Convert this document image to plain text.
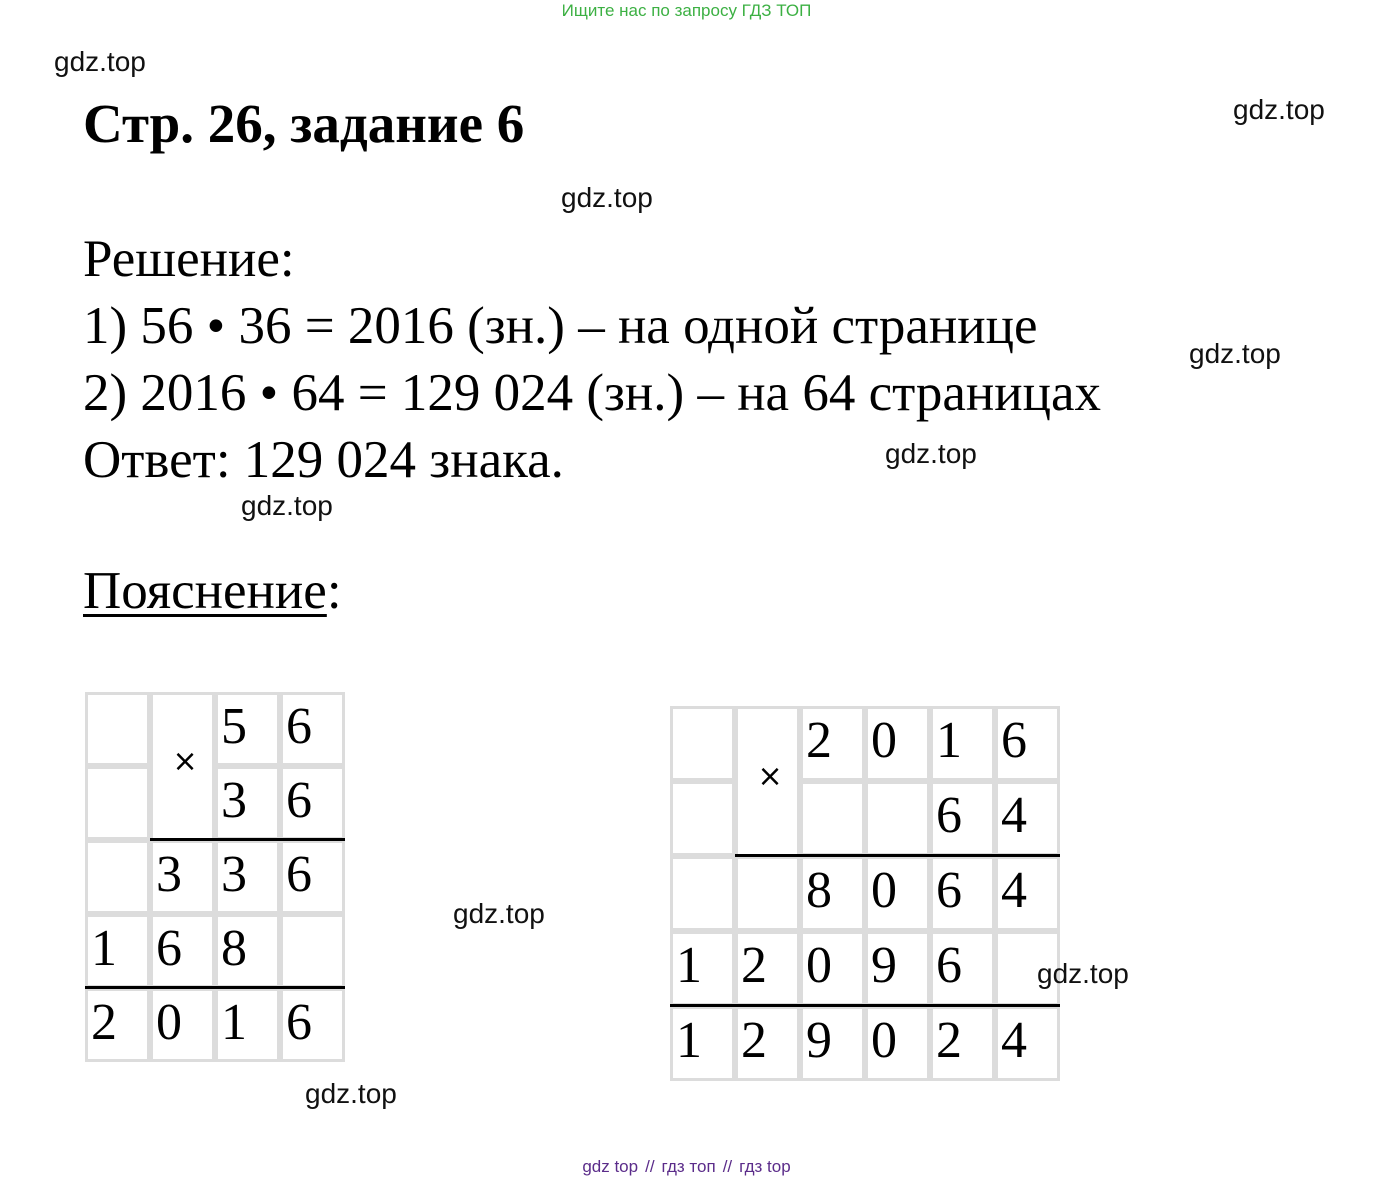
Ищите нас по запросу ГДЗ ТОП
gdz.top
gdz.top
gdz.top
gdz.top
gdz.top
gdz.top
gdz.top
gdz.top
Стр. 26, задание 6
Решение:
1) 56 • 36 = 2016 (зн.) – на одной странице
2) 2016 • 64 = 129 024 (зн.) – на 64 страницах
Ответ: 129 024 знака.
Пояснение:
5 6
3 6
3 3 6
1 6 8
2 0 1 6
×	2 0 1 6
6 4
8 0 6 4
1 2 0 9 6
1 2 9 0 2 4
×
gdz.top
gdz top // гдз топ // гдз top
